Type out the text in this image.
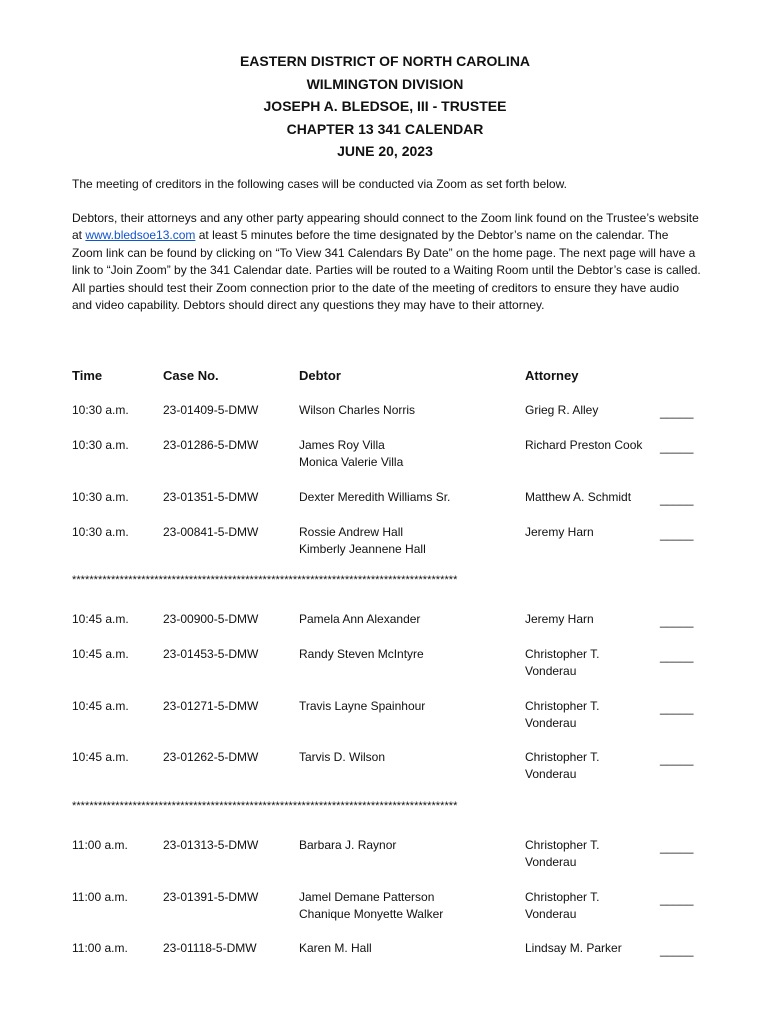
EASTERN DISTRICT OF NORTH CAROLINA
WILMINGTON DIVISION
JOSEPH A. BLEDSOE, III - TRUSTEE
CHAPTER 13 341 CALENDAR
JUNE 20, 2023
The meeting of creditors in the following cases will be conducted via Zoom as set forth below.
Debtors, their attorneys and any other party appearing should connect to the Zoom link found on the Trustee’s website at www.bledsoe13.com at least 5 minutes before the time designated by the Debtor’s name on the calendar. The Zoom link can be found by clicking on “To View 341 Calendars By Date” on the home page. The next page will have a link to “Join Zoom” by the 341 Calendar date. Parties will be routed to a Waiting Room until the Debtor’s case is called. All parties should test their Zoom connection prior to the date of the meeting of creditors to ensure they have audio and video capability. Debtors should direct any questions they may have to their attorney.
Time	Case No.	Debtor	Attorney
10:30 a.m.	23-01409-5-DMW	Wilson Charles Norris	Grieg R. Alley	_____
10:30 a.m.	23-01286-5-DMW	James Roy Villa
Monica Valerie Villa
Richard Preston Cook _____
10:30 a.m.	23-01351-5-DMW	Dexter Meredith Williams Sr.	Matthew A. Schmidt _____
10:30 a.m.	23-00841-5-DMW	Rossie Andrew Hall
Kimberly Jeannene Hall
Jeremy Harn	_____
*****************************************************************************************
10:45 a.m.	23-00900-5-DMW	Pamela Ann Alexander	Jeremy Harn	_____
10:45 a.m.	23-01453-5-DMW	Randy Steven McIntyre	Christopher T.
Vonderau
_____
10:45 a.m.	23-01271-5-DMW	Travis Layne Spainhour	Christopher T.
Vonderau
_____
10:45 a.m.	23-01262-5-DMW	Tarvis D. Wilson	Christopher T.
Vonderau
_____
*****************************************************************************************
11:00 a.m.	23-01313-5-DMW	Barbara J. Raynor	Christopher T.
Vonderau
_____
11:00 a.m.	23-01391-5-DMW	Jamel Demane Patterson
Chanique Monyette Walker
Christopher T.
Vonderau
_____
11:00 a.m.	23-01118-5-DMW	Karen M. Hall	Lindsay M. Parker	_____
